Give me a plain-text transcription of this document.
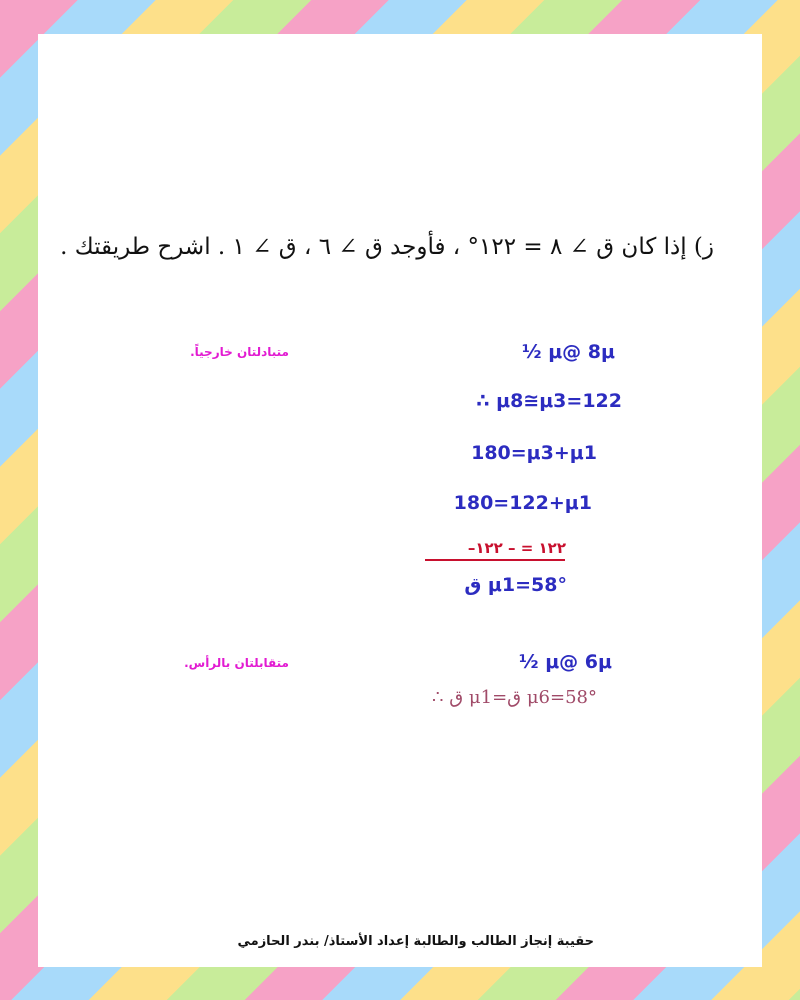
ز) إذا كان ق ∠ ٨ = ١٢٢° ، فأوجد ق ∠ ٦ ، ق ∠ ١ . اشرح طريقتك .
متبادلتان خارجياً.	½ μ@ 8μ
∴ μ8≅μ3=122
180=μ3+μ1
180=122+μ1
–١٢٢ = – ١٢٢
ق μ1=58°
متقابلتان بالرأس.	½ μ@ 6μ
∴ ق μ1=ق μ6=58°
حقيبة إنجاز الطالب والطالبة إعداد الأستاذ/ بندر الحازمي
